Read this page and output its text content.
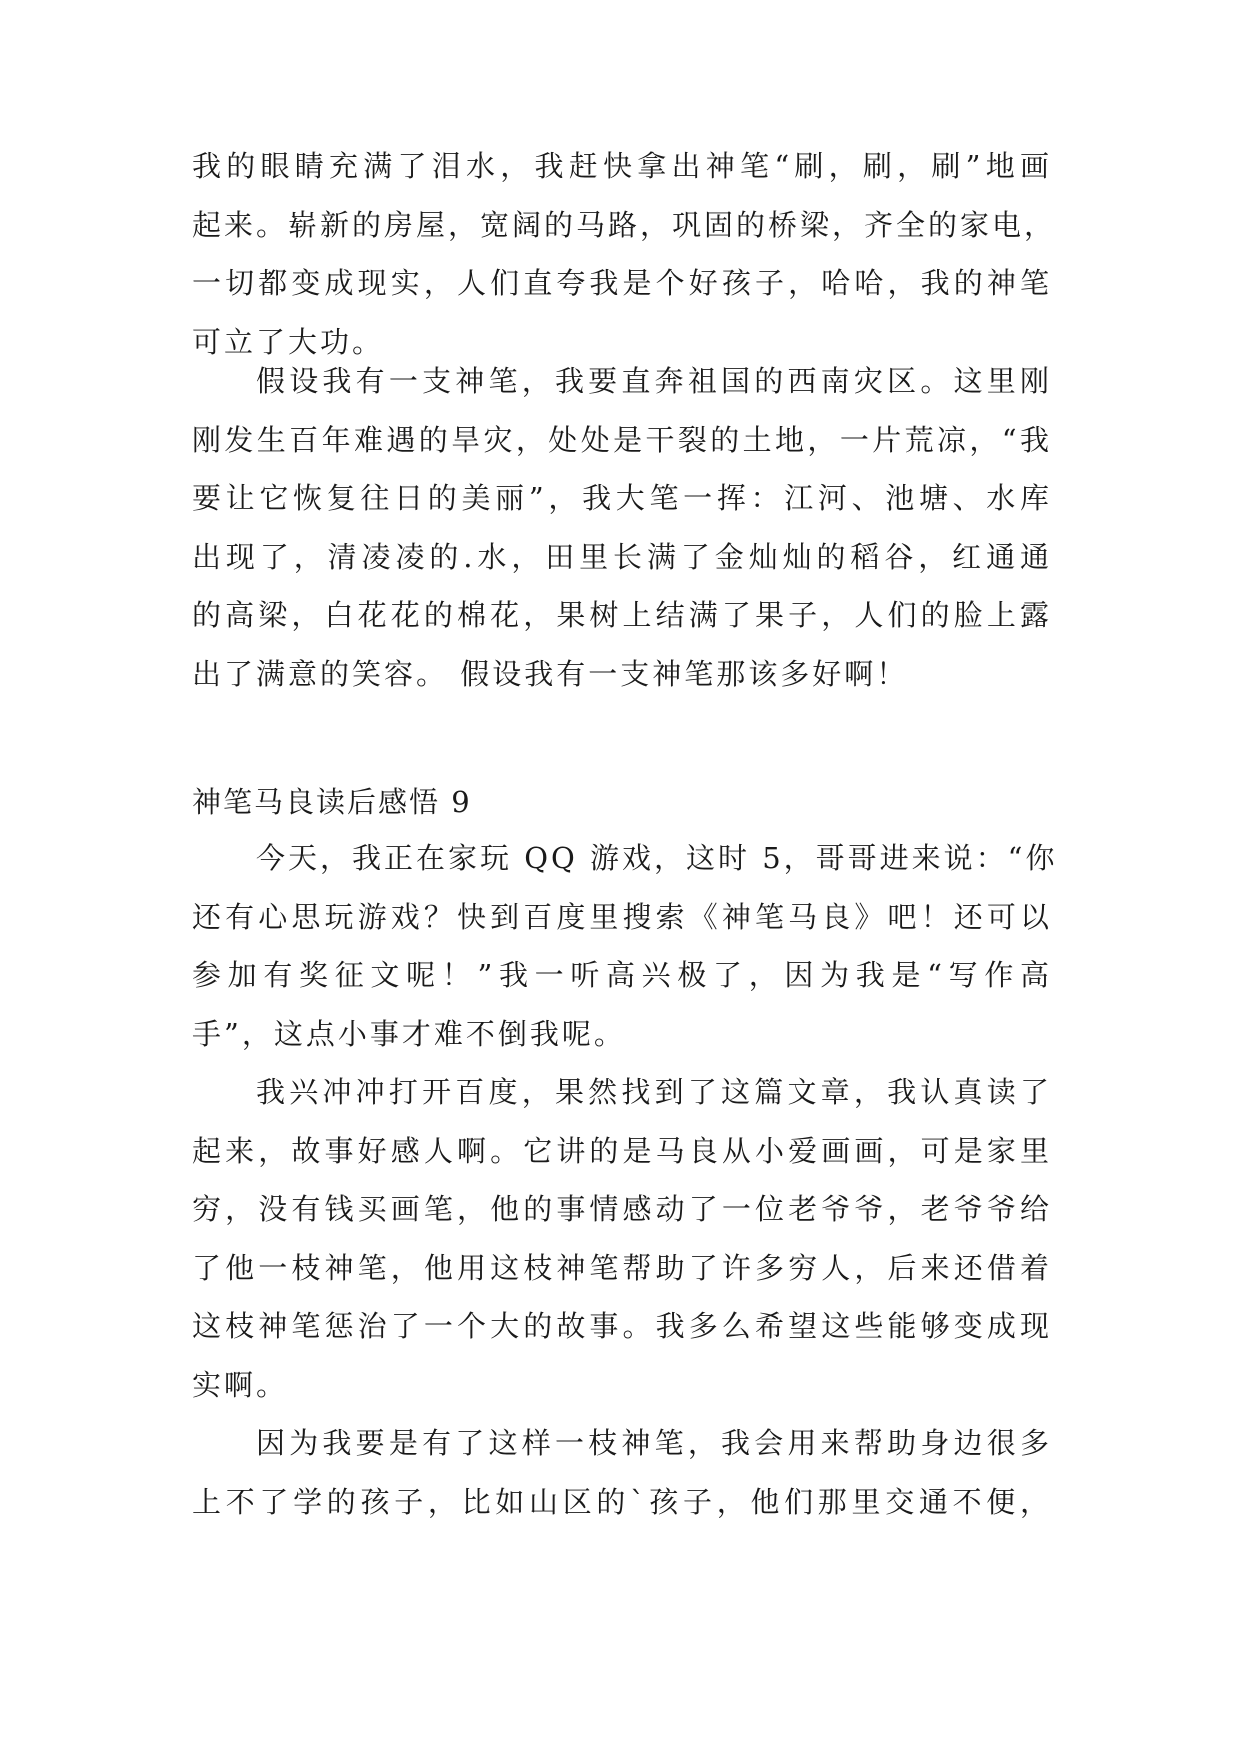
我的眼睛充满了泪水，我赶快拿出神笔“刷，刷，刷”地画
起来。崭新的房屋，宽阔的马路，巩固的桥梁，齐全的家电，
一切都变成现实，人们直夸我是个好孩子，哈哈，我的神笔
可立了大功。
假设我有一支神笔，我要直奔祖国的西南灾区。这里刚
刚发生百年难遇的旱灾，处处是干裂的土地，一片荒凉，“我
要让它恢复往日的美丽”，我大笔一挥：江河、池塘、水库
出现了，清凌凌的.水，田里长满了金灿灿的稻谷，红通通
的高梁，白花花的棉花，果树上结满了果子，人们的脸上露
出了满意的笑容。 假设我有一支神笔那该多好啊！
神笔马良读后感悟 9
今天，我正在家玩 QQ 游戏，这时 5，哥哥进来说：“你
还有心思玩游戏？快到百度里搜索《神笔马良》吧！还可以
参加有奖征文呢！”我一听高兴极了，因为我是“写作高
手”，这点小事才难不倒我呢。
我兴冲冲打开百度，果然找到了这篇文章，我认真读了
起来，故事好感人啊。它讲的是马良从小爱画画，可是家里
穷，没有钱买画笔，他的事情感动了一位老爷爷，老爷爷给
了他一枝神笔，他用这枝神笔帮助了许多穷人，后来还借着
这枝神笔惩治了一个大的故事。我多么希望这些能够变成现
实啊。
因为我要是有了这样一枝神笔，我会用来帮助身边很多
上不了学的孩子，比如山区的`孩子，他们那里交通不便，
